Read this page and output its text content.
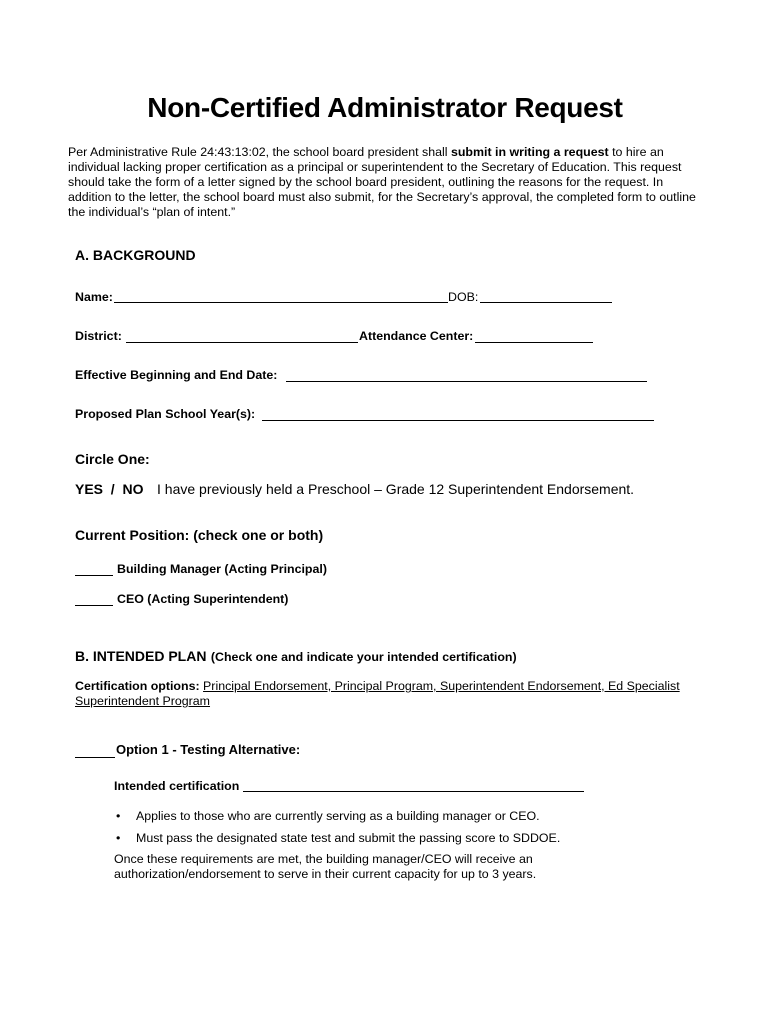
Non-Certified Administrator Request
Per Administrative Rule 24:43:13:02, the school board president shall submit in writing a request to hire an individual lacking proper certification as a principal or superintendent to the Secretary of Education. This request should take the form of a letter signed by the school board president, outlining the reasons for the request. In addition to the letter, the school board must also submit, for the Secretary’s approval, the completed form to outline the individual’s “plan of intent.”
A. BACKGROUND
Name:	DOB:
District:	Attendance Center:
Effective Beginning and End Date:
Proposed Plan School Year(s):
Circle One:
YES  /  NO I have previously held a Preschool – Grade 12 Superintendent Endorsement.
Current Position: (check one or both)
Building Manager (Acting Principal)
CEO (Acting Superintendent)
B. INTENDED PLAN (Check one and indicate your intended certification)
Certification options: Principal Endorsement, Principal Program, Superintendent Endorsement, Ed Specialist Superintendent Program
Option 1 - Testing Alternative:
Intended certification
• Applies to those who are currently serving as a building manager or CEO.
• Must pass the designated state test and submit the passing score to SDDOE.
Once these requirements are met, the building manager/CEO will receive an authorization/endorsement to serve in their current capacity for up to 3 years.
